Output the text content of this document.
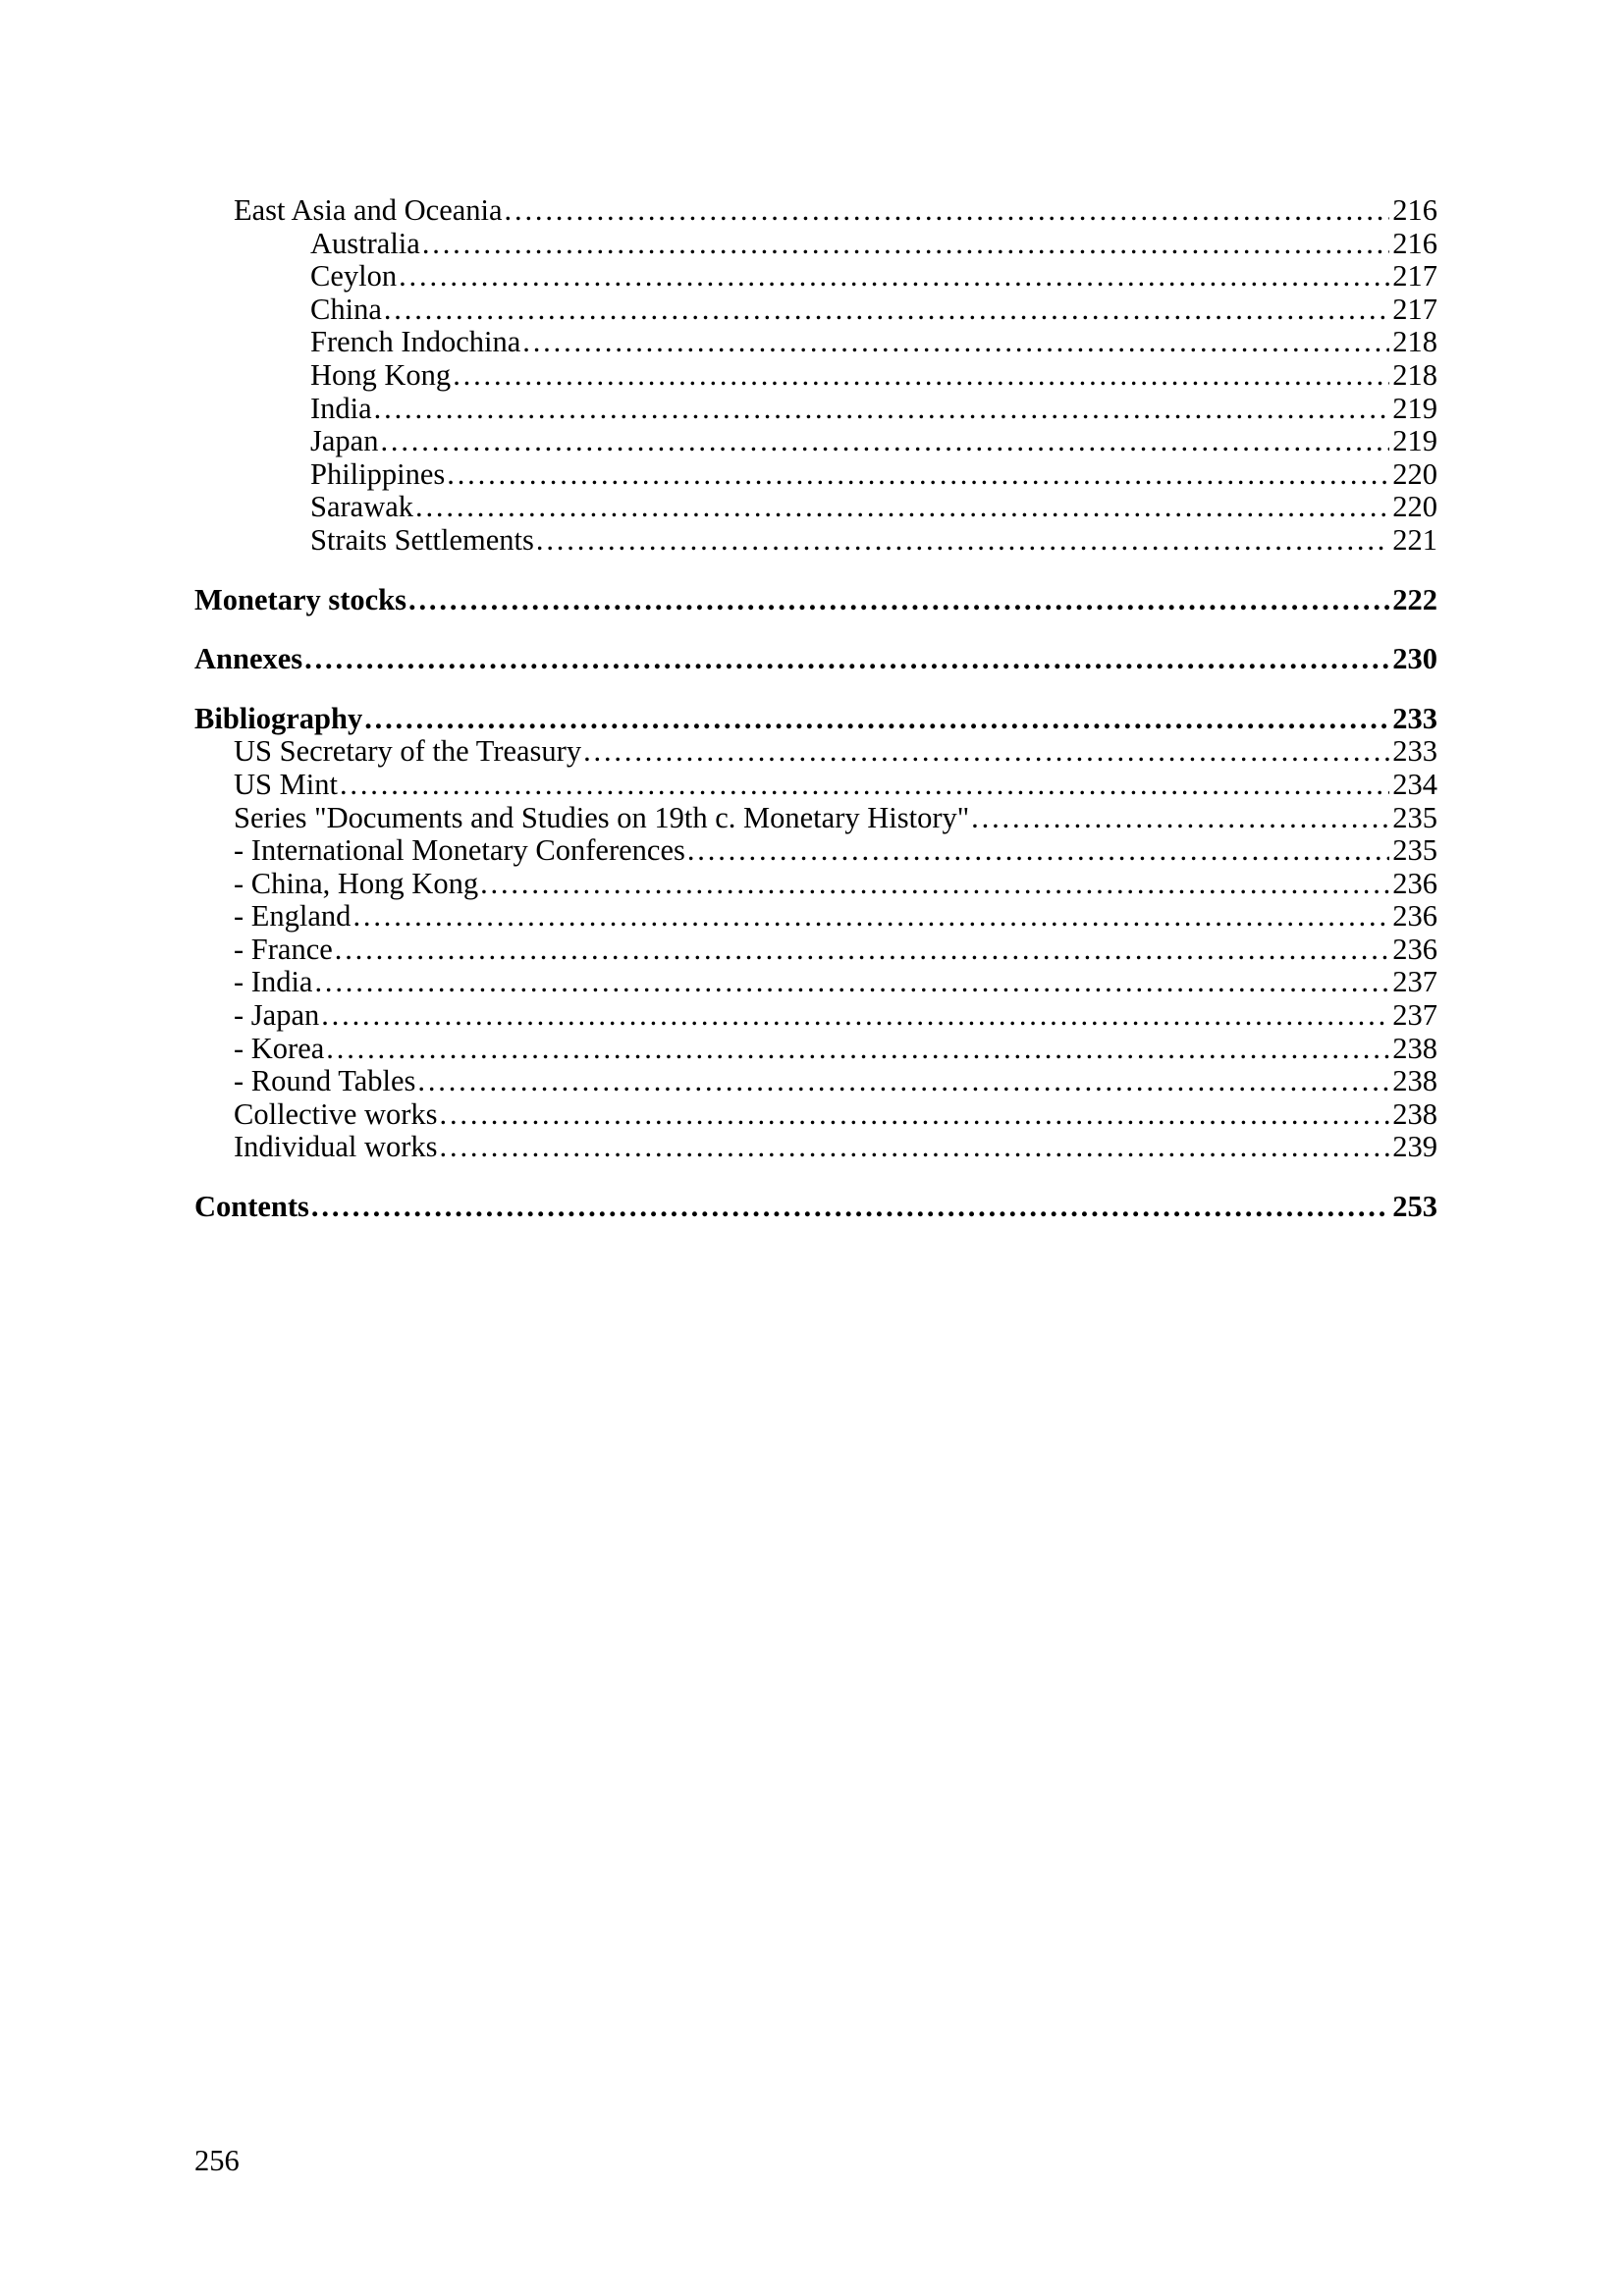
East Asia and Oceania . . .	216
Australia . . .	216
Ceylon . . .	217
China . . .	217
French Indochina . . .	218
Hong Kong . . .	218
India . . .	219
Japan . . .	219
Philippines . . .	220
Sarawak . . .	220
Straits Settlements . . .	221
Monetary stocks . . .	222
Annexes . . .	230
Bibliography . . .	233
US Secretary of the Treasury . . .	233
US Mint . . .	234
Series "Documents and Studies on 19th c. Monetary History" . . .	235
- International Monetary Conferences . . .	235
- China, Hong Kong . . .	236
- England . . .	236
- France . . .	236
- India . . .	237
- Japan . . .	237
- Korea . . .	238
- Round Tables . . .	238
Collective works . . .	238
Individual works . . .	239
Contents . . .	253
256
